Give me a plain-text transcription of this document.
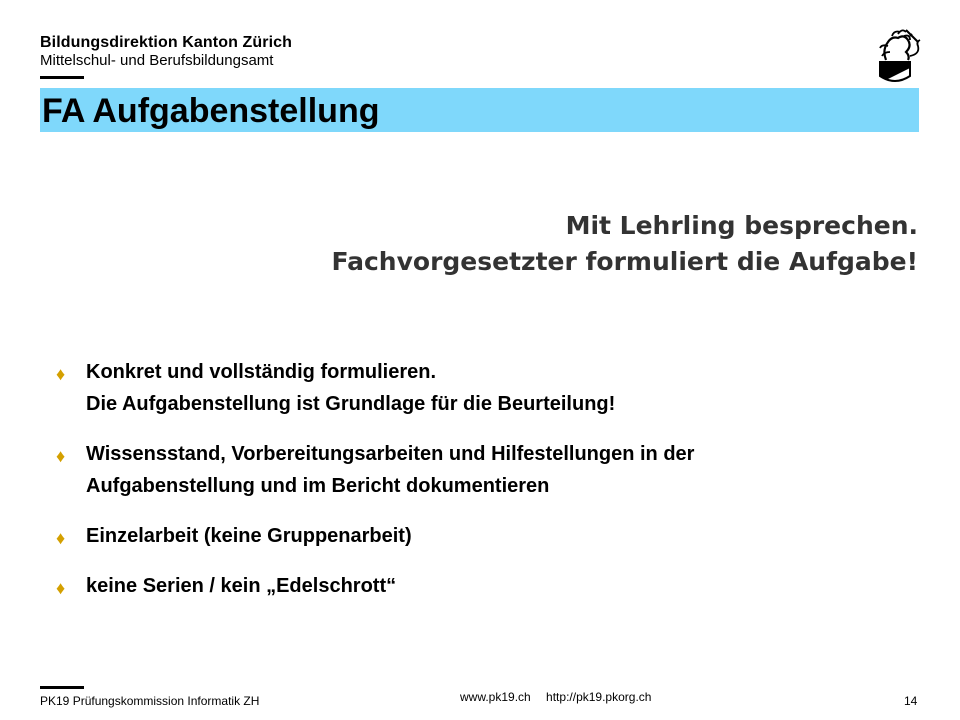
Bildungsdirektion Kanton Zürich
Mittelschul- und Berufsbildungsamt
FA Aufgabenstellung
Mit Lehrling besprechen.
Fachvorgesetzter formuliert die Aufgabe!
♦ Konkret und vollständig formulieren.
Die Aufgabenstellung ist Grundlage für die Beurteilung!
♦ Wissensstand, Vorbereitungsarbeiten und Hilfestellungen in der
Aufgabenstellung und im Bericht dokumentieren
♦ Einzelarbeit (keine Gruppenarbeit)
♦ keine Serien / kein „Edelschrott“
PK19 Prüfungskommission Informatik ZH	www.pk19.ch http://pk19.pkorg.ch	14
